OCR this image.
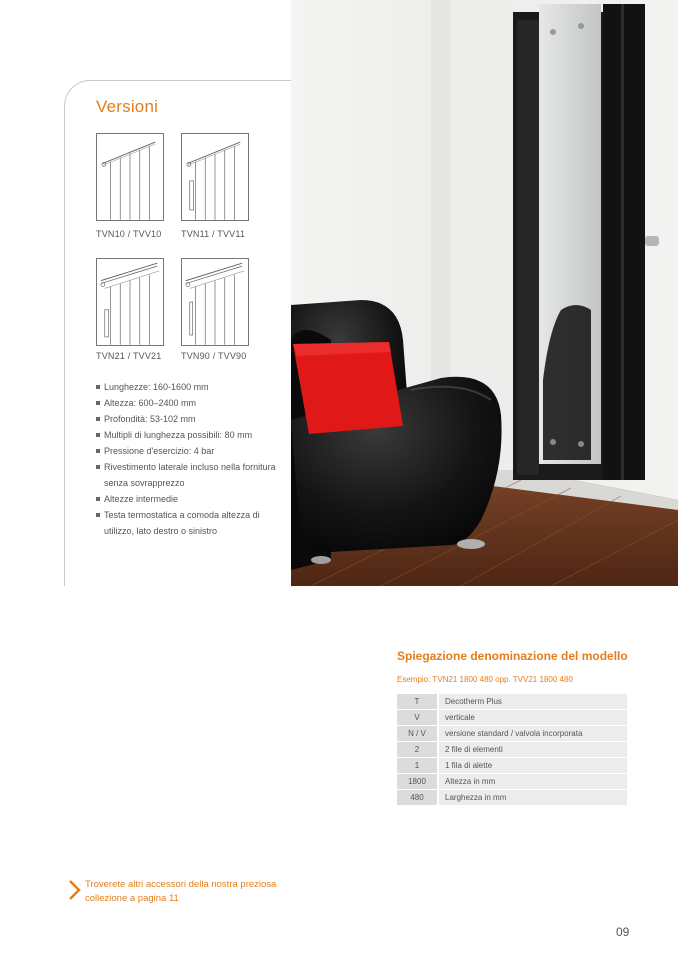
Versioni
TVN10 / TVV10 TVN11 / TVV11
TVN21 / TVV21 TVN90 / TVV90
Lunghezze: 160-1600 mm
Altezza: 600–2400 mm
Profondità: 53-102 mm
Multipli di lunghezza possibili: 80 mm
Pressione d'esercizio: 4 bar
Rivestimento laterale incluso nella fornitura senza sovrapprezzo
Altezze intermedie
Testa termostatica a comoda altezza di utilizzo, lato destro o sinistro
Spiegazione denominazione del modello
Esempio: TVN21 1800 480 opp. TVV21 1800 480
T	Decotherm Plus
V	verticale
N / V	versione standard / valvola incorporata
2	2 file di elementi
1	1 fila di alette
1800	Altezza in mm
480	Larghezza in mm
Troverete altri accessori della nostra preziosa collezione a pagina 11
09
